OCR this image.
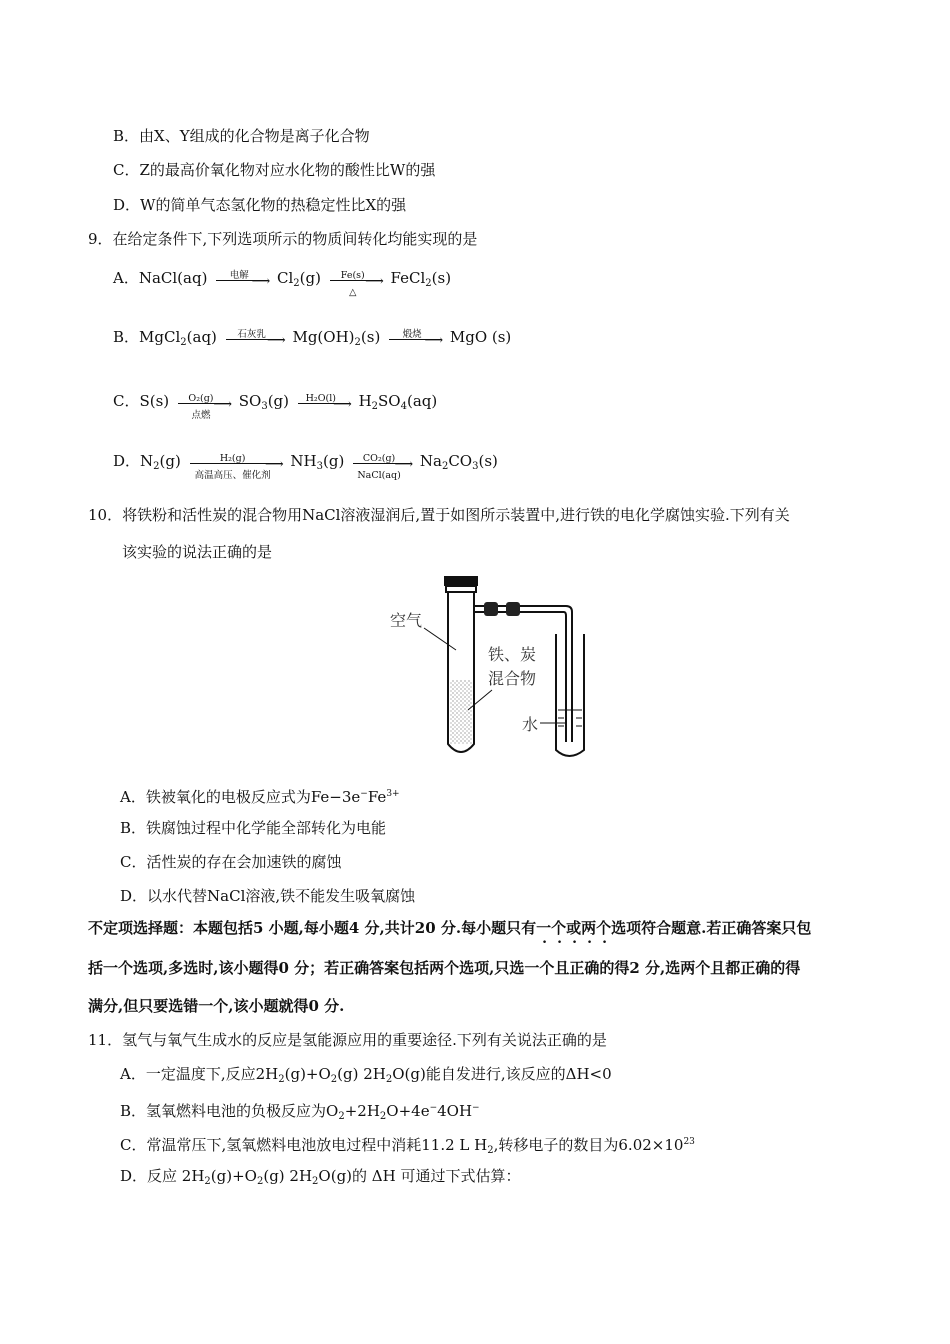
B．由X、Y组成的化合物是离子化合物
C．Z的最高价氧化物对应水化物的酸性比W的强
D．W的简单气态氢化物的热稳定性比X的强
9．在给定条件下,下列选项所示的物质间转化均能实现的是
A．NaCl(aq)	电解 ⟶ $Cl_2(g)$	Fe(s) ⟶
△
FeCl$_2$(s)
B．MgCl$_2$(aq)	石灰乳 ⟶ $Mg(OH)_2(s)$	煅烧 ⟶ MgO (s)
C．S(s)	O₂(g) ⟶
点燃
$SO_3(g)$	H₂O(l)
⟶ $H_2SO_4(aq)$
D．$N_2(g)$	H₂(g)	⟶
高温高压、催化剂
$NH_3(g)$	CO₂(g) ⟶
NaCl(aq)
$Na_2CO_3(s)$
10．将铁粉和活性炭的混合物用NaCl溶液湿润后,置于如图所示装置中,进行铁的电化学腐蚀实验.下列有关
该实验的说法正确的是
空气
铁、炭
混合物
水
A．铁被氧化的电极反应式为$Fe-3e^-Fe^{3+}$
B．铁腐蚀过程中化学能全部转化为电能
C．活性炭的存在会加速铁的腐蚀
D．以水代替NaCl溶液,铁不能发生吸氧腐蚀
不定项选择题：本题包括5 小题,每小题4 分,共计20 分.每小题只有一个或两个选项符合题意.若正确答案只包
括一个选项,多选时,该小题得0 分；若正确答案包括两个选项,只选一个且正确的得2 分,选两个且都正确的得
满分,但只要选错一个,该小题就得0 分.
11．氢气与氧气生成水的反应是氢能源应用的重要途径.下列有关说法正确的是
A．一定温度下,反应$2H_2(g)+O_2(g)$ $2H_2O(g)$能自发进行,该反应的ΔH<0
B．氢氧燃料电池的负极反应为$O_2+2H_2O+4e^-4OH^-$
C．常温常压下,氢氧燃料电池放电过程中消耗11.2 L $H_2$,转移电子的数目为$6.02\times 10^{23}$
D．反应 $2H_2(g)+O_2(g)$ $2H_2O(g)$的 ΔH 可通过下式估算：
